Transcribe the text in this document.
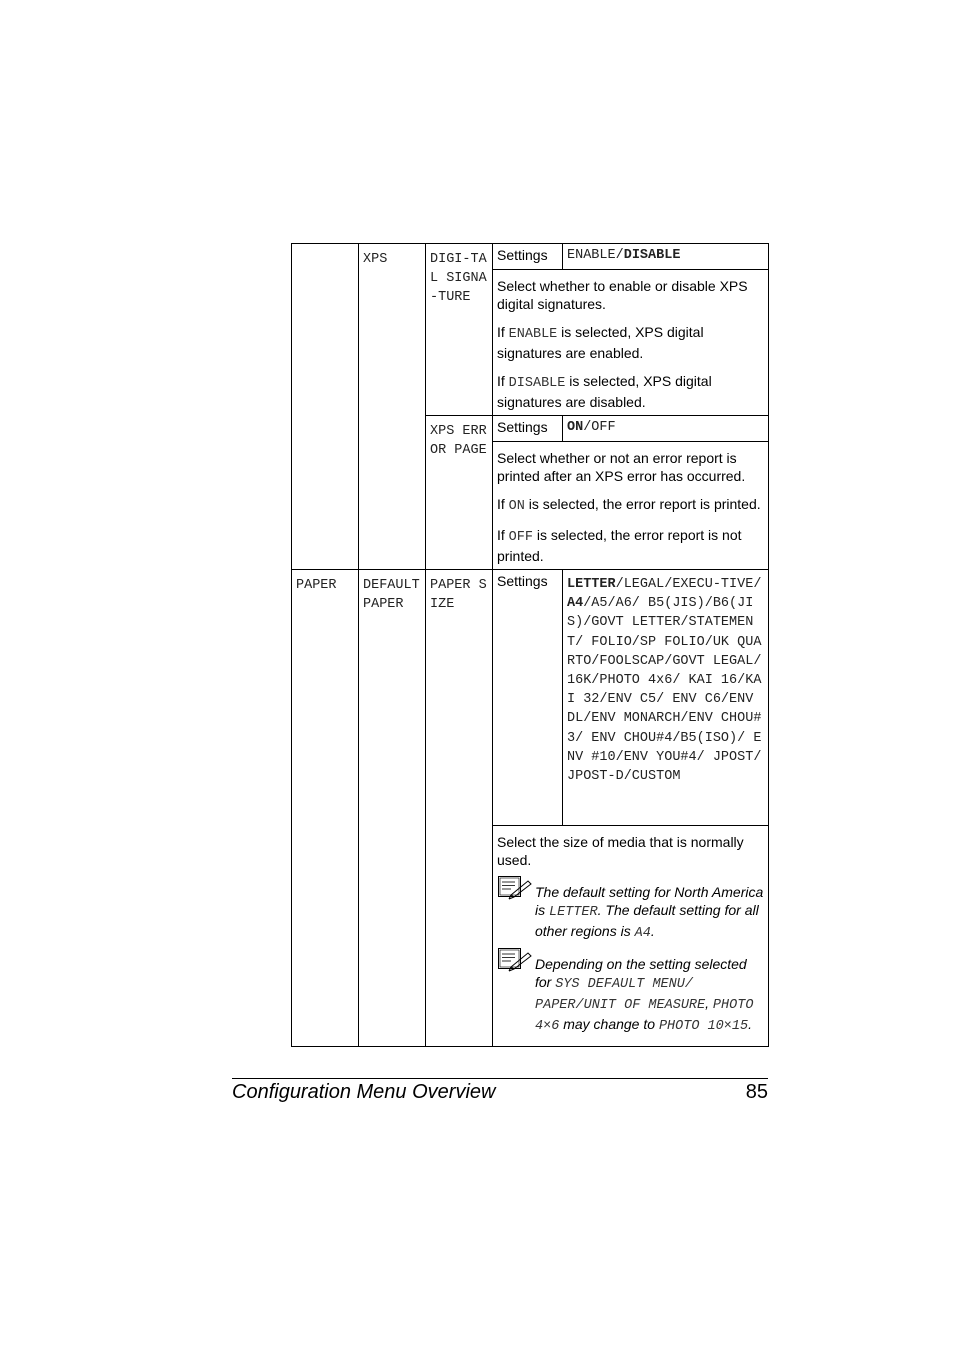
	XPS	DIGI-TAL SIGNA-TURE	Settings	ENABLE/DISABLE

			Select whether to enable or disable XPS digital signatures.

If ENABLE is selected, XPS digital signatures are enabled.

If DISABLE is selected, XPS digital signatures are disabled.	

		XPS ERROR PAGE	Settings	ON/OFF

			Select whether or not an error report is printed after an XPS error has occurred.

If ON is selected, the error report is printed.

If OFF is selected, the error report is not printed.	

PAPER	DEFAULT PAPER	PAPER SIZE	Settings	LETTER/LEGAL/EXECU-TIVE/A4/A5/A6/ B5(JIS)/B6(JIS)/GOVT LETTER/STATEMENT/ FOLIO/SP FOLIO/UK QUARTO/FOOLSCAP/GOVT LEGAL/16K/PHOTO 4x6/ KAI 16/KAI 32/ENV C5/ ENV C6/ENV DL/ENV MONARCH/ENV CHOU#3/ ENV CHOU#4/B5(ISO)/ ENV #10/ENV YOU#4/ JPOST/JPOST-D/CUSTOM

			Select the size of media that is normally used.

The default setting for North America is LETTER. The default setting for all other regions is A4.
Depending on the setting selected for SYS DEFAULT MENU/ PAPER/UNIT OF MEASURE, PHOTO 4×6 may change to PHOTO 10×15.	
Configuration Menu Overview	85
